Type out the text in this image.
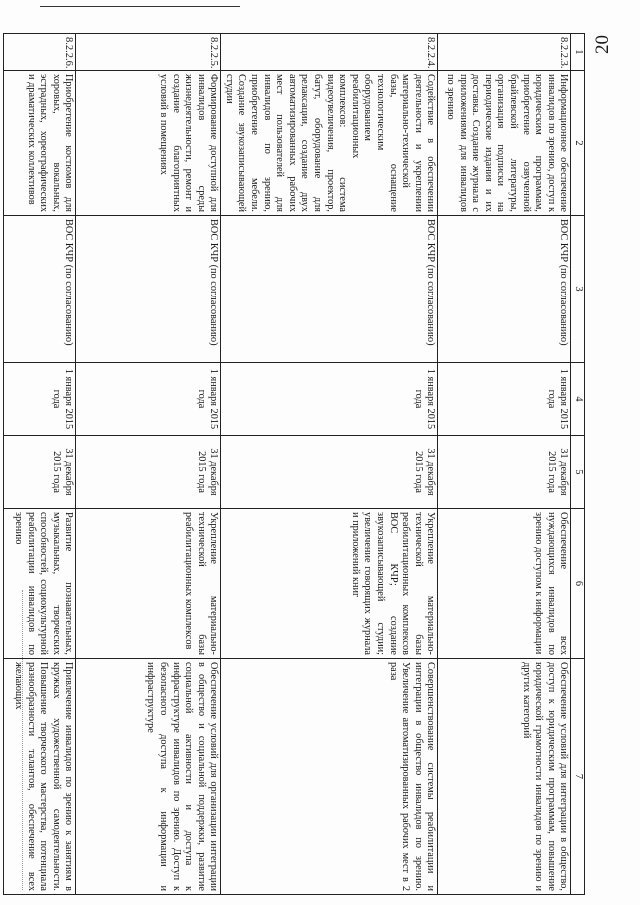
20
1	2	3	4	5	6	7
8.2.2.3.	Информационное обеспечение инвалидов по зрению, доступ к юридическим программам, приобретение озвученной брайлевской литературы, организация подписки на периодические издания и их доставка. Создание журнала с приложениями для инвалидов по зрению	ВОС КЧР (по согласованию)	1 января 2015 года	31 декабря 2015 года	Обеспечение всех нуждающихся инвалидов по зрению доступом к информации	Обеспечение условий для интеграции в общество, доступ к юридическим программам, повышение юридической грамотности инвалидов по зрению и других категорий
8.2.2.4.	Содействие в обеспечении деятельности и укреплении материально-технической базы, оснащение технологическим оборудованием реабилитационных комплексов: система видеоувеличения, проектор, батут, оборудование для релаксации, создание двух автоматизированных рабочих мест пользователей для инвалидов по зрению, приобретение мебели. Создание звукозаписывающей студии	ВОС КЧР (по согласованию)	1 января 2015 года	31 декабря 2015 года	Укрепление материально-технической базы реабилитационных комплексов ВОС КЧР; создание звукозаписывающей студии; увеличение говорящих журнала и приложений книг	Совершенствование системы реабилитации и интеграции в общество инвалидов по зрению. Увеличение автоматизированных рабочих мест в 2 раза
8.2.2.5.	Формирование доступной для инвалидов среды жизнедеятельности, ремонт и создание благоприятных условий в помещениях	ВОС КЧР (по согласованию)	1 января 2015 года	31 декабря 2015 года	Укрепление материально-технической базы реабилитационных комплексов	Обеспечение условий для организации интеграции в общество и социальной поддержки, развитие социальной активности и доступа к инфраструктуре инвалидов по зрению. Доступ к безопасного доступа к информации и инфраструктуре
8.2.2.6.	Приобретение костюмов для хоровых, вокальных, эстрадных, хореографических и драматических коллективов	ВОС КЧР (по согласованию)	1 января 2015 года	31 декабря 2015 года	Развитие познавательных, музыкальных, творческих способностей, социокультурной реабилитации инвалидов по зрению	Привлечение инвалидов по зрению к занятиям в кружках художественной самодеятельности. Повышение творческого мастерства, потенциала разнообразности талантов, обеспечение всех желающих
